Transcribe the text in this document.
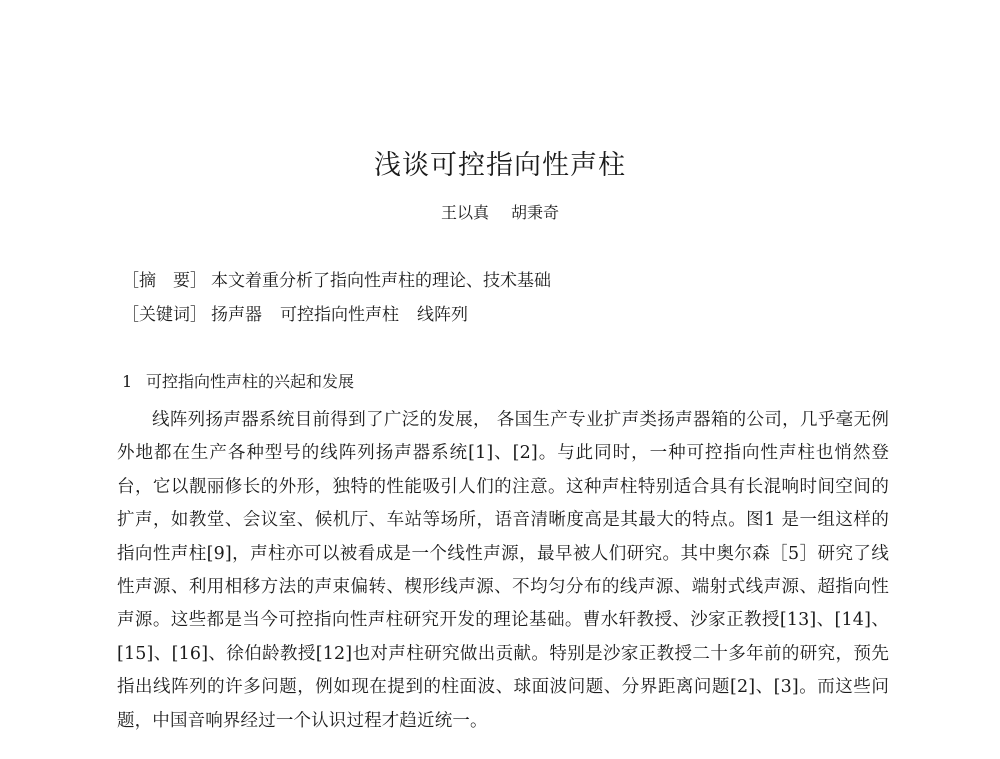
浅谈可控指向性声柱
王以真 胡秉奇
［摘　要］ 本文着重分析了指向性声柱的理论、技术基础
［关键词］ 扬声器 可控指向性声柱 线阵列
1 可控指向性声柱的兴起和发展

线阵列扬声器系统目前得到了广泛的发展， 各国生产专业扩声类扬声器箱的公司，几乎毫无例外地都在生产各种型号的线阵列扬声器系统[1]、[2]。与此同时，一种可控指向性声柱也悄然登台，它以靓丽修长的外形，独特的性能吸引人们的注意。这种声柱特别适合具有长混响时间空间的扩声，如教堂、会议室、候机厅、车站等场所，语音清晰度高是其最大的特点。图1 是一组这样的指向性声柱[9]，声柱亦可以被看成是一个线性声源，最早被人们研究。其中奥尔森［5］研究了线性声源、利用相移方法的声束偏转、楔形线声源、不均匀分布的线声源、端射式线声源、超指向性声源。这些都是当今可控指向性声柱研究开发的理论基础。曹水轩教授、沙家正教授[13]、[14]、[15]、[16]、徐伯龄教授[12]也对声柱研究做出贡献。特别是沙家正教授二十多年前的研究，预先指出线阵列的许多问题，例如现在提到的柱面波、球面波问题、分界距离问题[2]、[3]。而这些问题，中国音响界经过一个认识过程才趋近统一。
